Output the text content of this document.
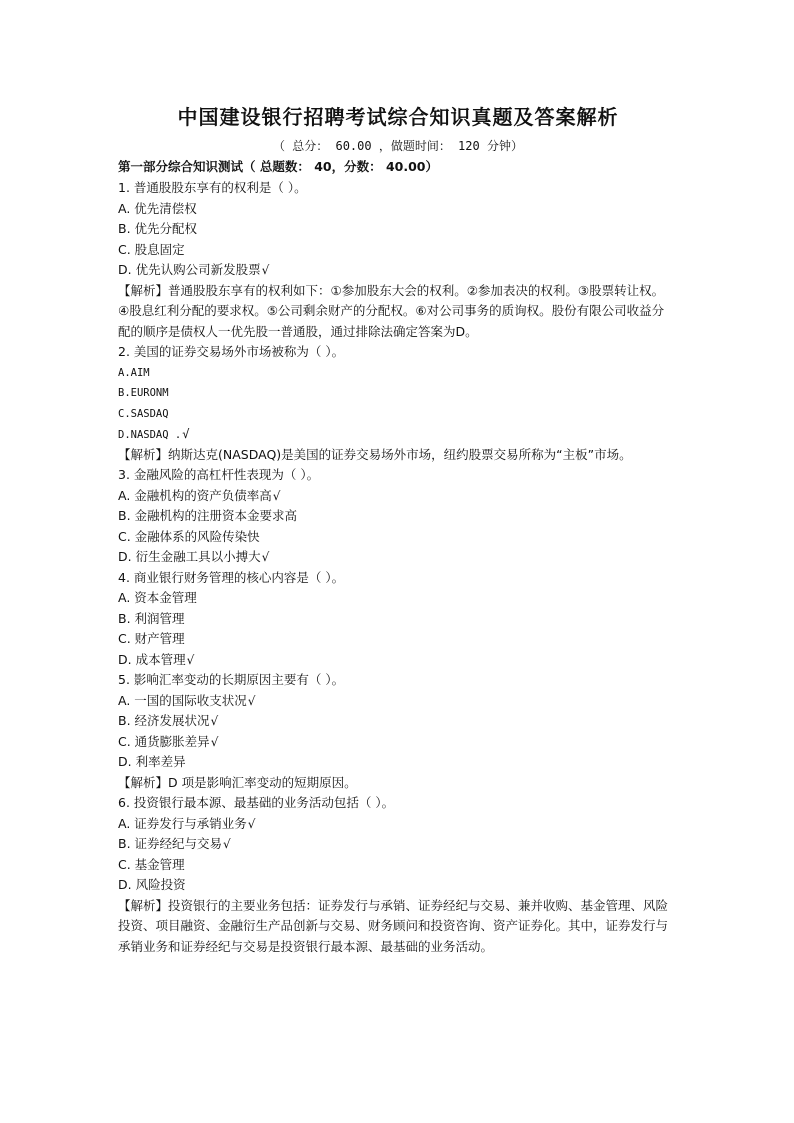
中国建设银行招聘考试综合知识真题及答案解析
（ 总分： 60.00 ，做题时间： 120 分钟）
第一部分综合知识测试（ 总题数： 40，分数： 40.00）
1. 普通股股东享有的权利是（ ）。
A. 优先清偿权
B. 优先分配权
C. 股息固定
D. 优先认购公司新发股票√
【解析】普通股股东享有的权利如下：①参加股东大会的权利。②参加表决的权利。③股票转让权。④股息红利分配的要求权。⑤公司剩余财产的分配权。⑥对公司事务的质询权。股份有限公司收益分配的顺序是债权人一优先股一普通股，通过排除法确定答案为D。
2. 美国的证券交易场外市场被称为（ ）。
A.AIM
B.EURONM
C.SASDAQ
D.NASDAQ .√
【解析】纳斯达克(NASDAQ)是美国的证券交易场外市场，纽约股票交易所称为“主板”市场。
3. 金融风险的高杠杆性表现为（ ）。
A. 金融机构的资产负债率高√
B. 金融机构的注册资本金要求高
C. 金融体系的风险传染快
D. 衍生金融工具以小搏大√
4. 商业银行财务管理的核心内容是（ ）。
A. 资本金管理
B. 利润管理
C. 财产管理
D. 成本管理√
5. 影响汇率变动的长期原因主要有（ ）。
A. 一国的国际收支状况√
B. 经济发展状况√
C. 通货膨胀差异√
D. 利率差异
【解析】D 项是影响汇率变动的短期原因。
6. 投资银行最本源、最基础的业务活动包括（ ）。
A. 证券发行与承销业务√
B. 证券经纪与交易√
C. 基金管理
D. 风险投资
【解析】投资银行的主要业务包括：证券发行与承销、证券经纪与交易、兼并收购、基金管理、风险投资、项目融资、金融衍生产品创新与交易、财务顾问和投资咨询、资产证券化。其中，证券发行与承销业务和证券经纪与交易是投资银行最本源、最基础的业务活动。
